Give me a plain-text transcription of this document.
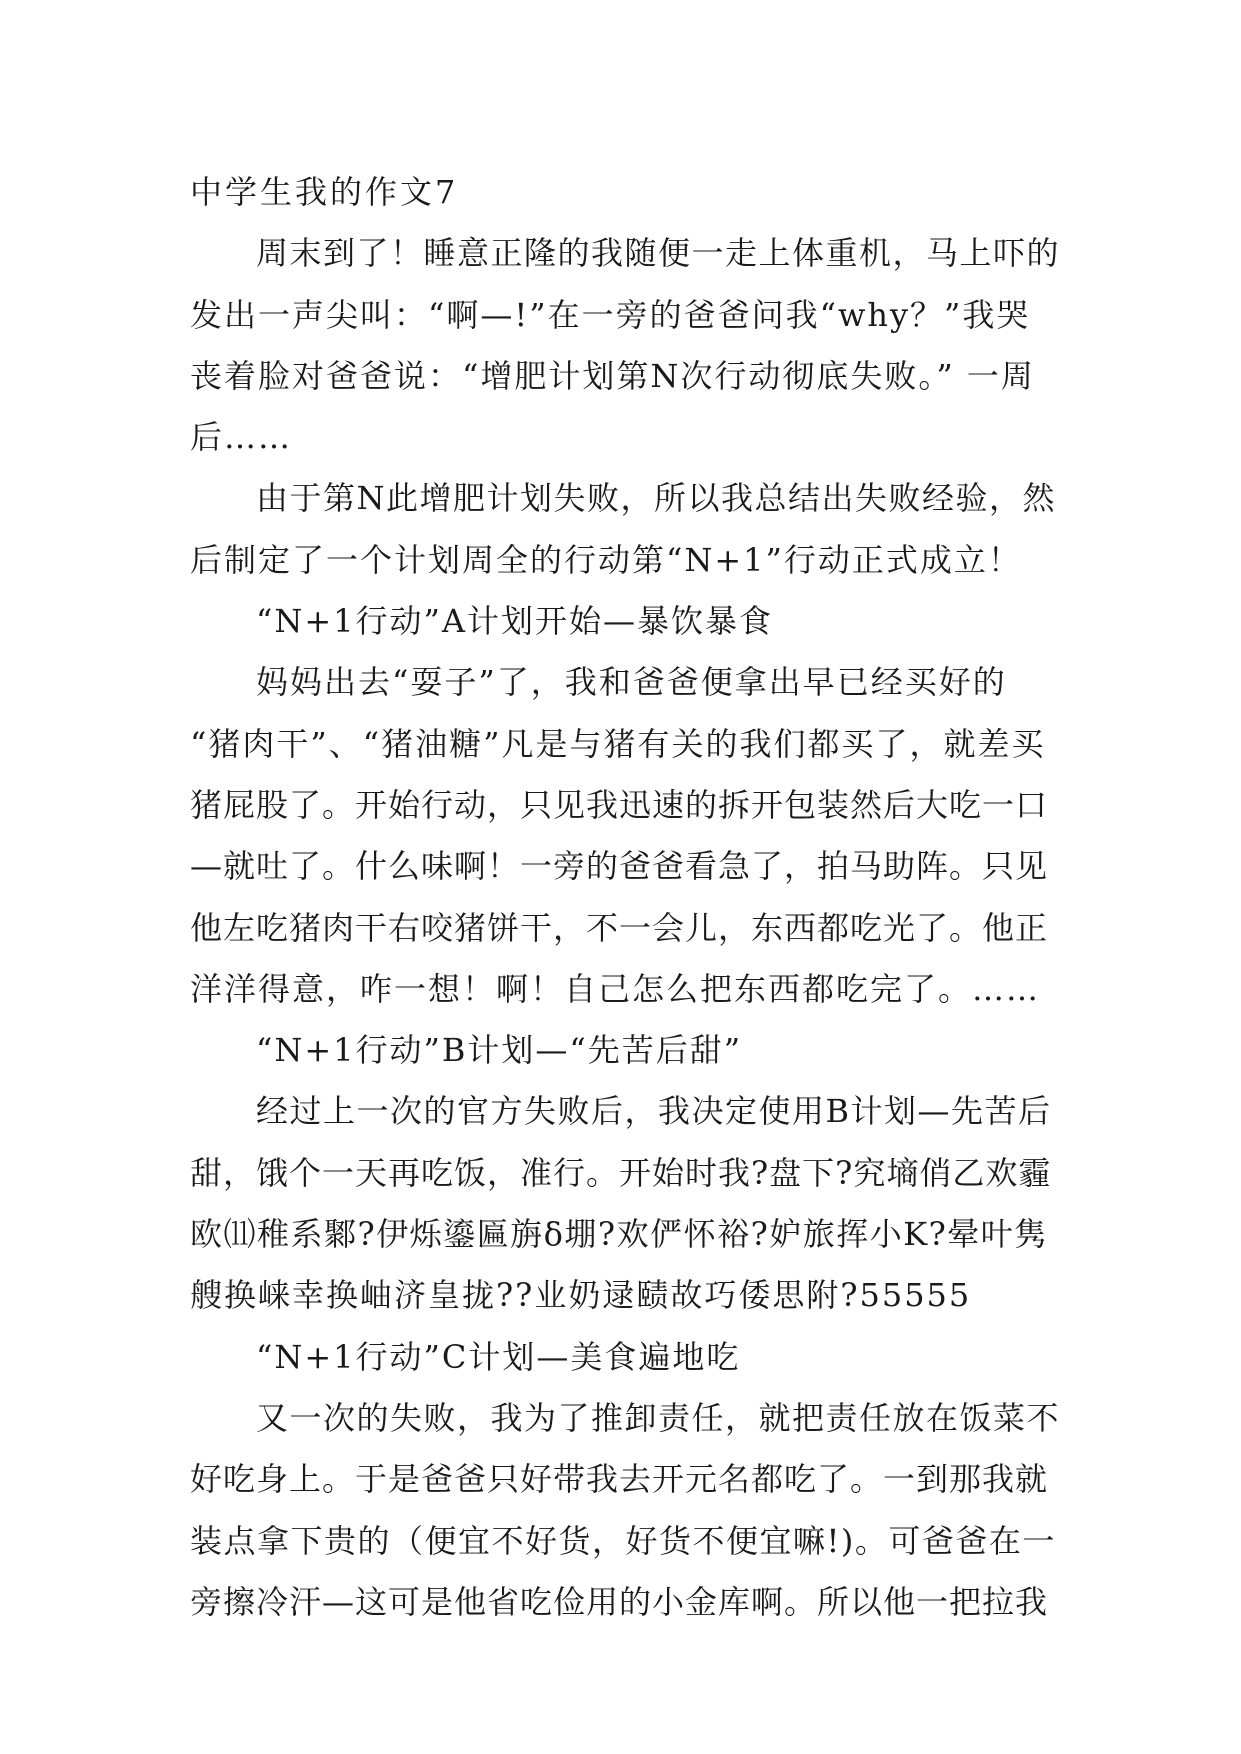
中学生我的作文7
周末到了！睡意正隆的我随便一走上体重机，马上吓的
发出一声尖叫：“啊—!”在一旁的爸爸问我“why？”我哭
丧着脸对爸爸说：“增肥计划第N次行动彻底失败。” 一周
后……
由于第N此增肥计划失败，所以我总结出失败经验，然
后制定了一个计划周全的行动第“N+1”行动正式成立！
“N+1行动”A计划开始—暴饮暴食
妈妈出去“耍子”了，我和爸爸便拿出早已经买好的
“猪肉干”、“猪油糖”凡是与猪有关的我们都买了，就差买
猪屁股了。开始行动，只见我迅速的拆开包装然后大吃一口
—就吐了。什么味啊！一旁的爸爸看急了，拍马助阵。只见
他左吃猪肉干右咬猪饼干，不一会儿，东西都吃光了。他正
洋洋得意，咋一想！啊！自己怎么把东西都吃完了。……
“N+1行动”B计划—“先苦后甜”
经过上一次的官方失败后，我决定使用B计划—先苦后
甜，饿个一天再吃饭，准行。开始时我?盘下?究墒俏乙欢霾
欧⑾稚系鄹?伊烁鎏匾旃δ堋?欢俨怀裕?妒旅挥小K?晕叶隽
艘换崃幸换岫济皇拢??业奶逯赜故巧倭思附?55555
“N+1行动”C计划—美食遍地吃
又一次的失败，我为了推卸责任，就把责任放在饭菜不
好吃身上。于是爸爸只好带我去开元名都吃了。一到那我就
装点拿下贵的（便宜不好货，好货不便宜嘛!)。可爸爸在一
旁擦冷汗—这可是他省吃俭用的小金库啊。所以他一把拉我
